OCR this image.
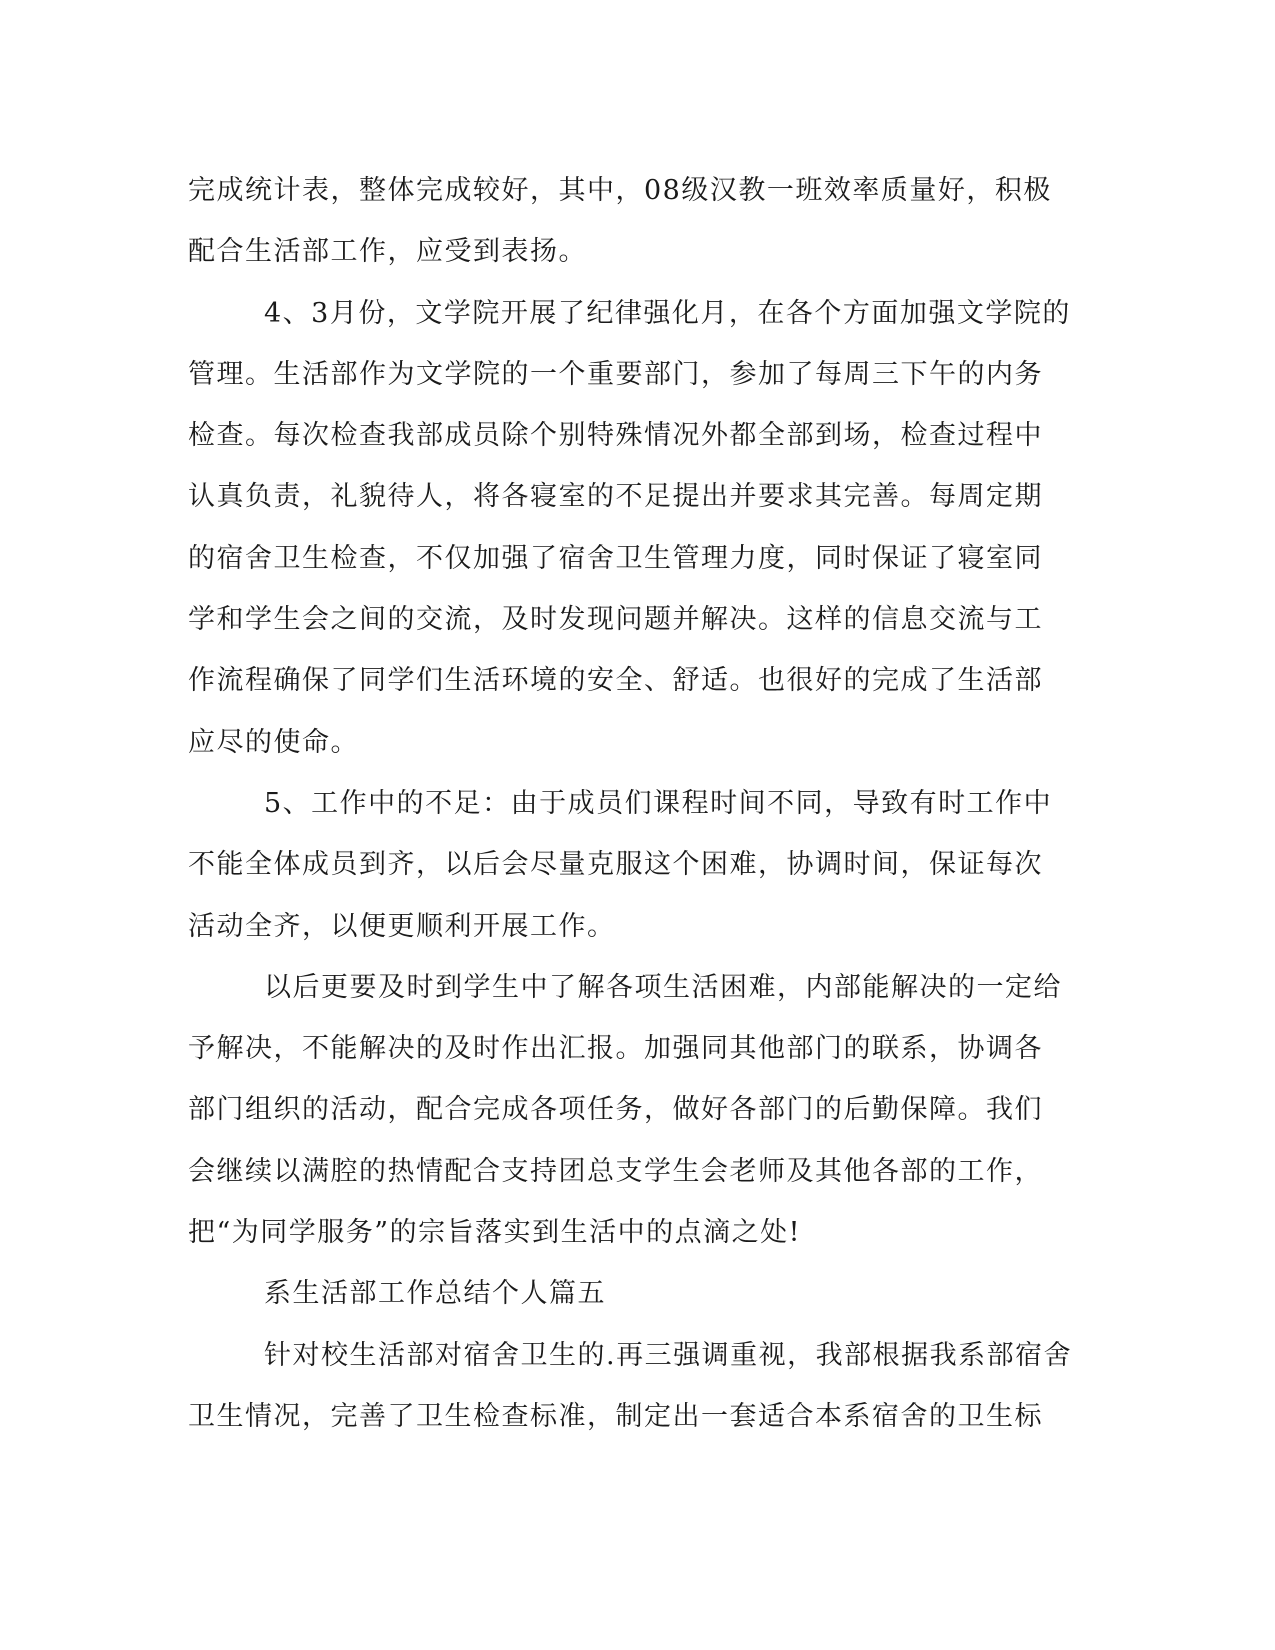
完成统计表，整体完成较好，其中，08级汉教一班效率质量好，积极
配合生活部工作，应受到表扬。
4、3月份，文学院开展了纪律强化月，在各个方面加强文学院的
管理。生活部作为文学院的一个重要部门，参加了每周三下午的内务
检查。每次检查我部成员除个别特殊情况外都全部到场，检查过程中
认真负责，礼貌待人，将各寝室的不足提出并要求其完善。每周定期
的宿舍卫生检查，不仅加强了宿舍卫生管理力度，同时保证了寝室同
学和学生会之间的交流，及时发现问题并解决。这样的信息交流与工
作流程确保了同学们生活环境的安全、舒适。也很好的完成了生活部
应尽的使命。
5、工作中的不足：由于成员们课程时间不同，导致有时工作中
不能全体成员到齐，以后会尽量克服这个困难，协调时间，保证每次
活动全齐，以便更顺利开展工作。
以后更要及时到学生中了解各项生活困难，内部能解决的一定给
予解决，不能解决的及时作出汇报。加强同其他部门的联系，协调各
部门组织的活动，配合完成各项任务，做好各部门的后勤保障。我们
会继续以满腔的热情配合支持团总支学生会老师及其他各部的工作，
把“为同学服务”的宗旨落实到生活中的点滴之处!
系生活部工作总结个人篇五
针对校生活部对宿舍卫生的.再三强调重视，我部根据我系部宿舍
卫生情况，完善了卫生检查标准，制定出一套适合本系宿舍的卫生标
